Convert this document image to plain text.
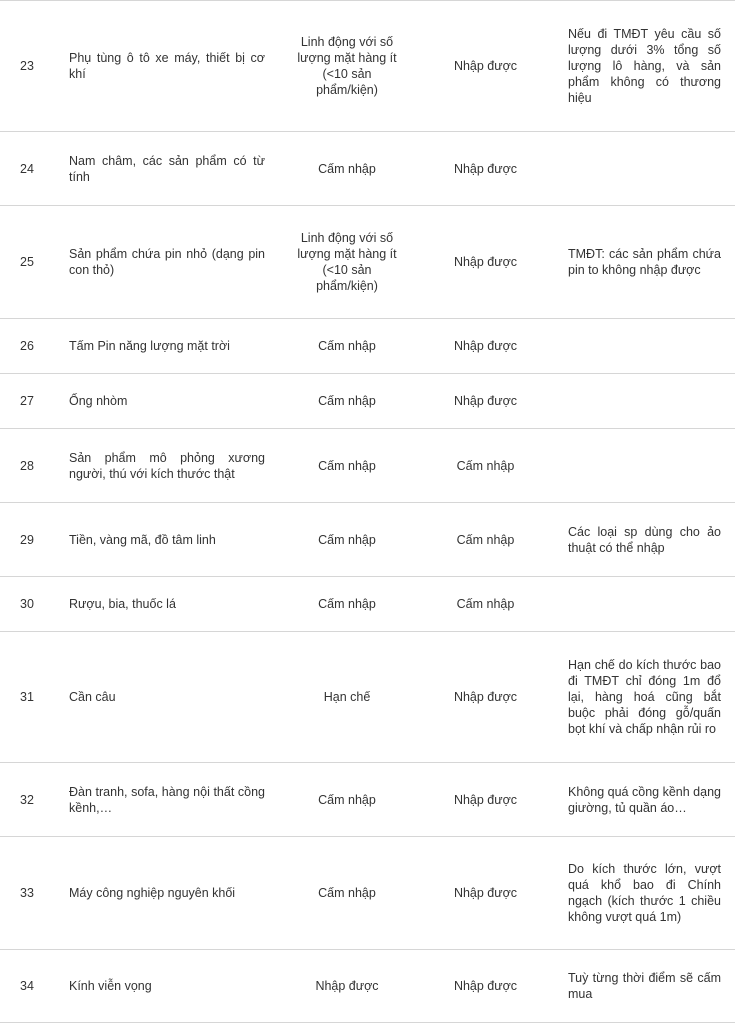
23	Phụ tùng ô tô xe máy, thiết bị cơ khí	Linh động với số lượng mặt hàng ít (<10 sản phẩm/kiện)	Nhập được	Nếu đi TMĐT yêu cầu số lượng dưới 3% tổng số lượng lô hàng, và sản phẩm không có thương hiệu
24	Nam châm, các sản phẩm có từ tính	Cấm nhập	Nhập được	
25	Sản phẩm chứa pin nhỏ (dạng pin con thỏ)	Linh động với số lượng mặt hàng ít (<10 sản phẩm/kiện)	Nhập được	TMĐT: các sản phẩm chứa pin to không nhập được
26	Tấm Pin năng lượng mặt trời	Cấm nhập	Nhập được	
27	Ống nhòm	Cấm nhập	Nhập được	
28	Sản phẩm mô phỏng xương người, thú với kích thước thật	Cấm nhập	Cấm nhập	
29	Tiền, vàng mã, đồ tâm linh	Cấm nhập	Cấm nhập	Các loại sp dùng cho ảo thuật có thể nhập
30	Rượu, bia, thuốc lá	Cấm nhập	Cấm nhập	
31	Cần câu	Hạn chế	Nhập được	Hạn chế do kích thước bao đi TMĐT chỉ đóng 1m đổ lại, hàng hoá cũng bắt buộc phải đóng gỗ/quấn bọt khí và chấp nhận rủi ro
32	Đàn tranh, sofa, hàng nội thất cồng kềnh,…	Cấm nhập	Nhập được	Không quá cồng kềnh dạng giường, tủ quần áo…
33	Máy công nghiệp nguyên khối	Cấm nhập	Nhập được	Do kích thước lớn, vượt quá khổ bao đi Chính ngạch (kích thước 1 chiều không vượt quá 1m)
34	Kính viễn vọng	Nhập được	Nhập được	Tuỳ từng thời điểm sẽ cấm mua
